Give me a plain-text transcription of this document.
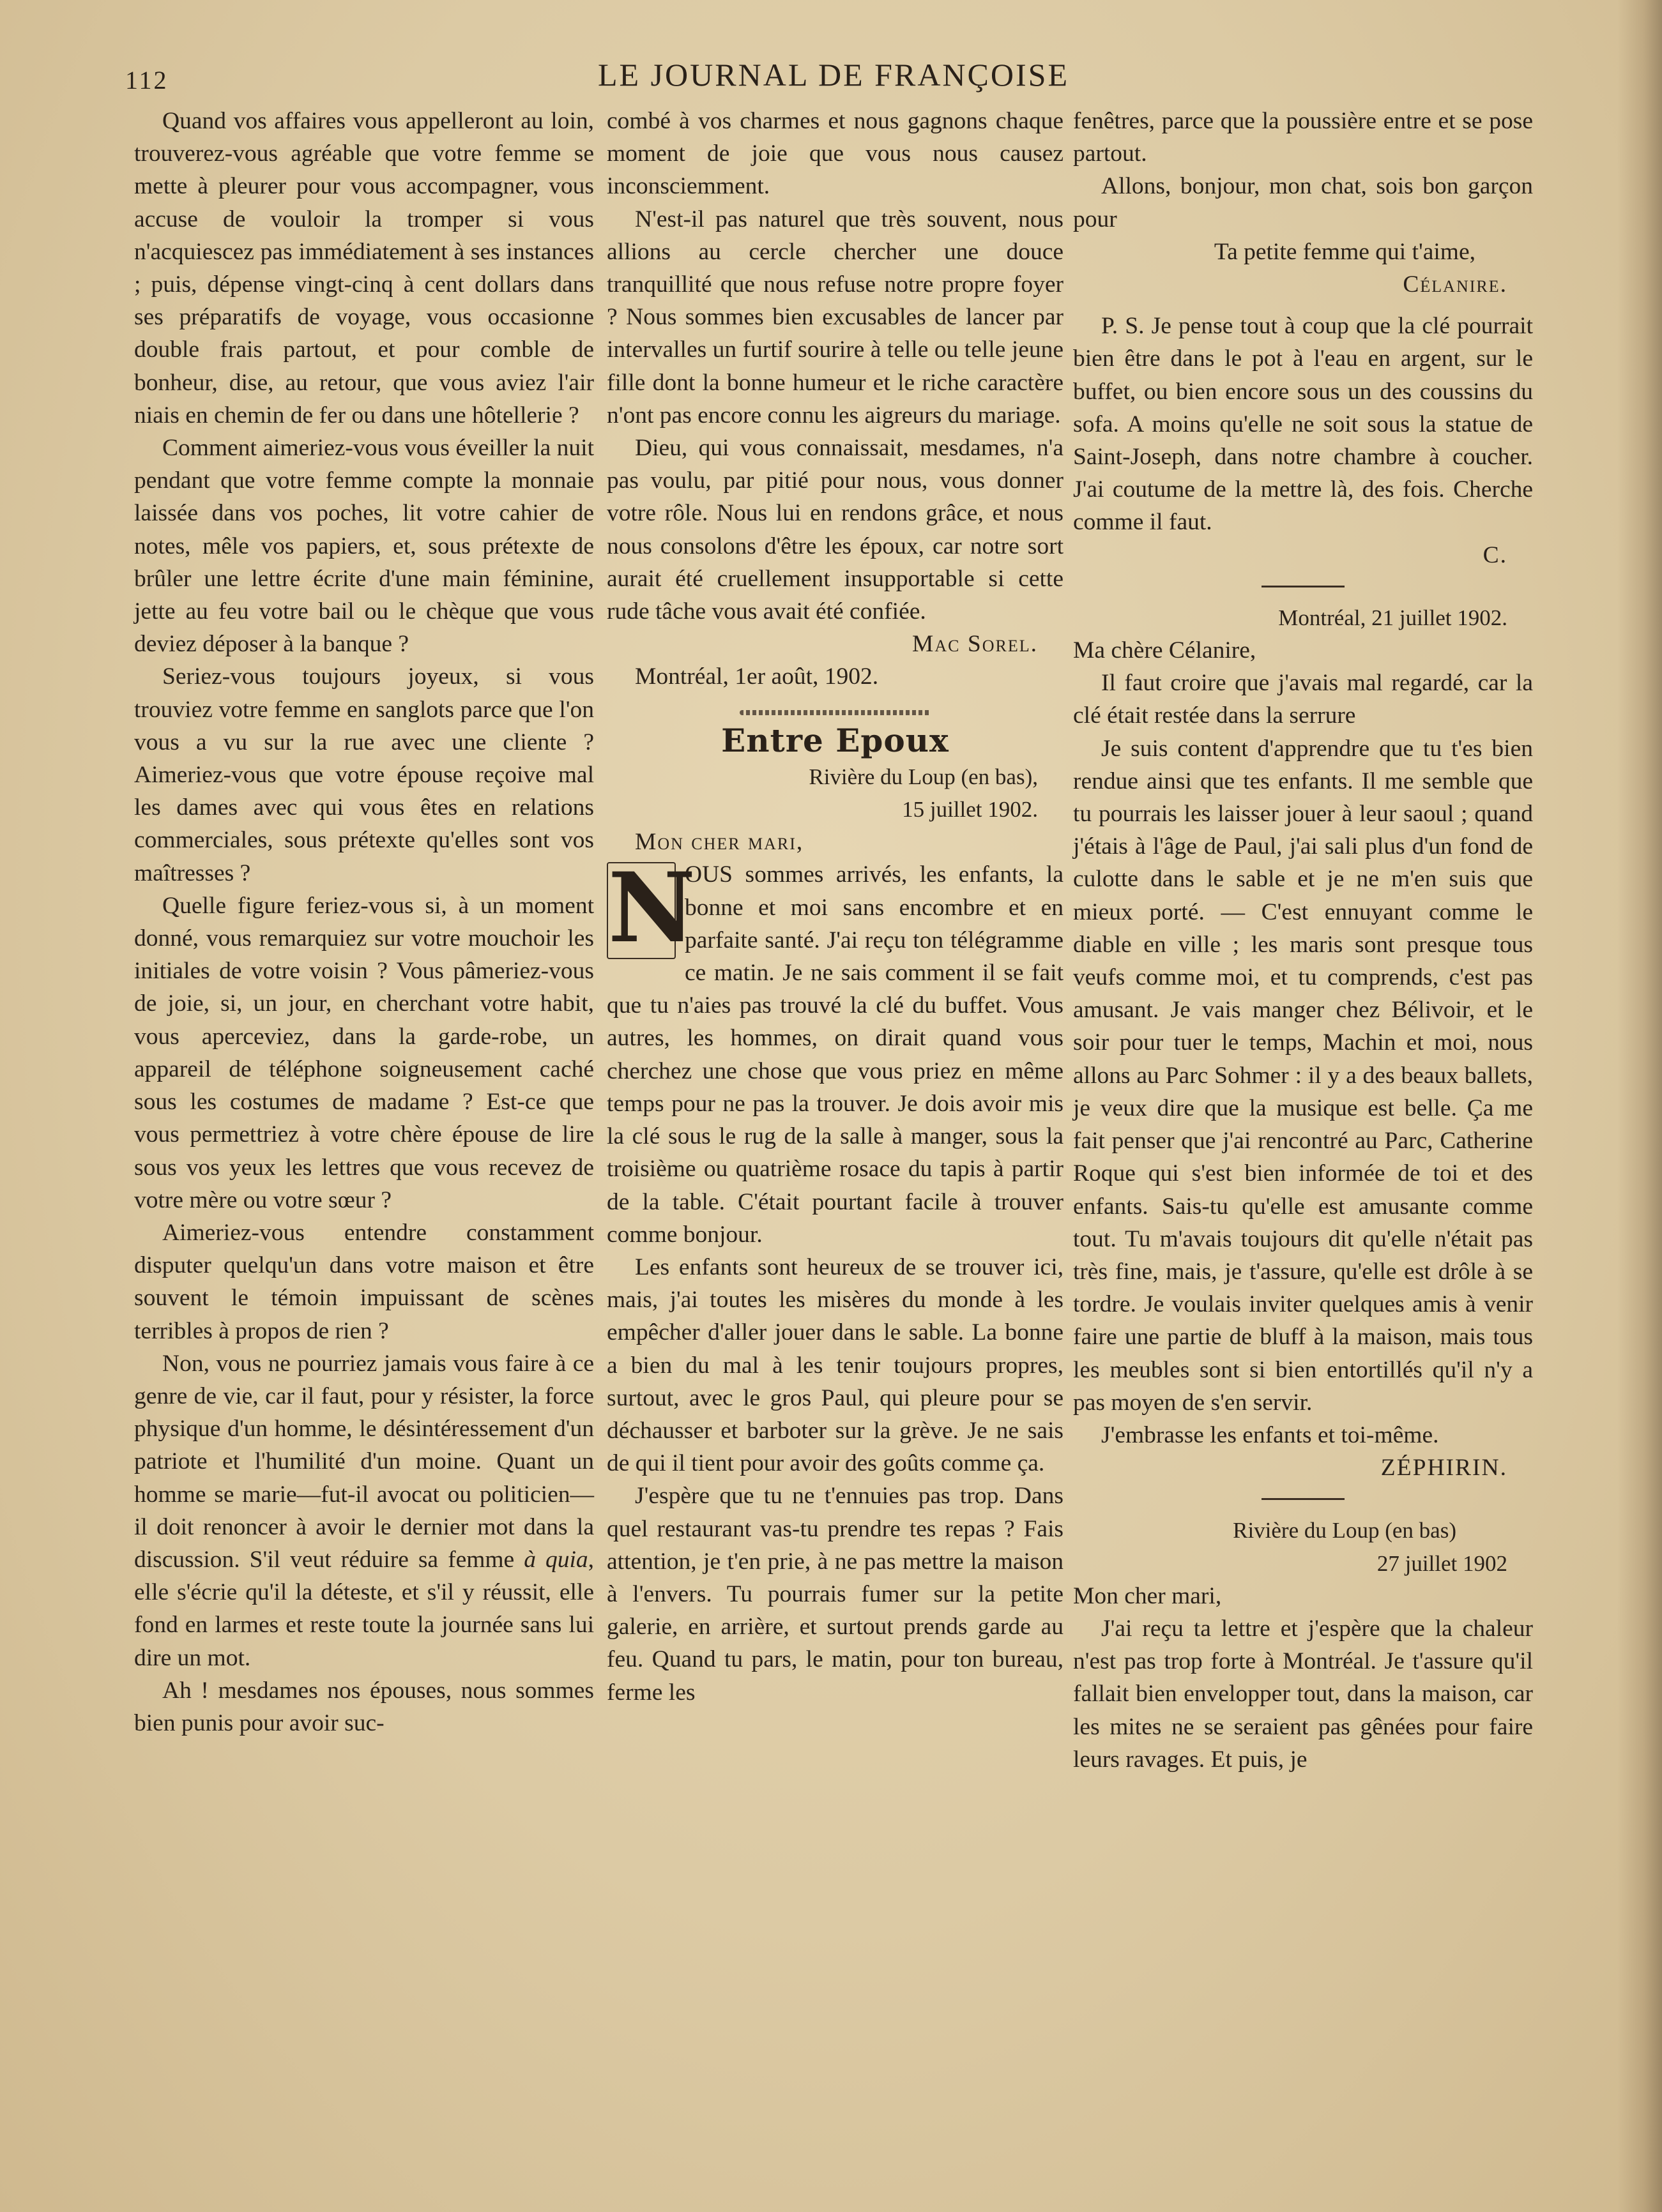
112	LE JOURNAL DE FRANÇOISE

Quand vos affaires vous appelleront au loin, trouverez-vous agréable que votre femme se mette à pleurer pour vous accompagner, vous accuse de vouloir la tromper si vous n'acquiescez pas immédiatement à ses instances ; puis, dépense vingt-cinq à cent dollars dans ses préparatifs de voyage, vous occasionne double frais partout, et pour comble de bonheur, dise, au retour, que vous aviez l'air niais en chemin de fer ou dans une hôtellerie ?

Comment aimeriez-vous vous éveiller la nuit pendant que votre femme compte la monnaie laissée dans vos poches, lit votre cahier de notes, mêle vos papiers, et, sous prétexte de brûler une lettre écrite d'une main féminine, jette au feu votre bail ou le chèque que vous deviez déposer à la banque ?

Seriez-vous toujours joyeux, si vous trouviez votre femme en sanglots parce que l'on vous a vu sur la rue avec une cliente ? Aimeriez-vous que votre épouse reçoive mal les dames avec qui vous êtes en relations commerciales, sous prétexte qu'elles sont vos maîtresses ?

Quelle figure feriez-vous si, à un moment donné, vous remarquiez sur votre mouchoir les initiales de votre voisin ? Vous pâmeriez-vous de joie, si, un jour, en cherchant votre habit, vous aperceviez, dans la garde-robe, un appareil de téléphone soigneusement caché sous les costumes de madame ? Est-ce que vous permettriez à votre chère épouse de lire sous vos yeux les lettres que vous recevez de votre mère ou votre sœur ?

Aimeriez-vous entendre constamment disputer quelqu'un dans votre maison et être souvent le témoin impuissant de scènes terribles à propos de rien ?

Non, vous ne pourriez jamais vous faire à ce genre de vie, car il faut, pour y résister, la force physique d'un homme, le désintéressement d'un patriote et l'humilité d'un moine. Quant un homme se marie—fut-il avocat ou politicien—il doit renoncer à avoir le dernier mot dans la discussion. S'il veut réduire sa femme à quia, elle s'écrie qu'il la déteste, et s'il y réussit, elle fond en larmes et reste toute la journée sans lui dire un mot.

Ah ! mesdames nos épouses, nous sommes bien punis pour avoir suc-

combé à vos charmes et nous gagnons chaque moment de joie que vous nous causez inconsciemment.

N'est-il pas naturel que très souvent, nous allions au cercle chercher une douce tranquillité que nous refuse notre propre foyer ? Nous sommes bien excusables de lancer par intervalles un furtif sourire à telle ou telle jeune fille dont la bonne humeur et le riche caractère n'ont pas encore connu les aigreurs du mariage.

Dieu, qui vous connaissait, mesdames, n'a pas voulu, par pitié pour nous, vous donner votre rôle. Nous lui en rendons grâce, et nous nous consolons d'être les époux, car notre sort aurait été cruellement insupportable si cette rude tâche vous avait été confiée.

Mac Sorel.

Montréal, 1er août, 1902.

Entre Epoux

Rivière du Loup (en bas),

15 juillet 1902.

Mon cher mari,

N
OUS sommes arrivés, les enfants, la bonne et moi sans encombre et en parfaite santé. J'ai reçu ton télégramme ce matin. Je ne sais comment il se fait que tu n'aies pas trouvé la clé du buffet. Vous autres, les hommes, on dirait quand vous cherchez une chose que vous priez en même temps pour ne pas la trouver. Je dois avoir mis la clé sous le rug de la salle à manger, sous la troisième ou quatrième rosace du tapis à partir de la table. C'était pourtant facile à trouver comme bonjour.

Les enfants sont heureux de se trouver ici, mais, j'ai toutes les misères du monde à les empêcher d'aller jouer dans le sable. La bonne a bien du mal à les tenir toujours propres, surtout, avec le gros Paul, qui pleure pour se déchausser et barboter sur la grève. Je ne sais de qui il tient pour avoir des goûts comme ça.

J'espère que tu ne t'ennuies pas trop. Dans quel restaurant vas-tu prendre tes repas ? Fais attention, je t'en prie, à ne pas mettre la maison à l'envers. Tu pourrais fumer sur la petite galerie, en arrière, et surtout prends garde au feu. Quand tu pars, le matin, pour ton bureau, ferme les

fenêtres, parce que la poussière entre et se pose partout.

Allons, bonjour, mon chat, sois bon garçon pour

Ta petite femme qui t'aime,

Célanire.

P. S. Je pense tout à coup que la clé pourrait bien être dans le pot à l'eau en argent, sur le buffet, ou bien encore sous un des coussins du sofa. A moins qu'elle ne soit sous la statue de Saint-Joseph, dans notre chambre à coucher. J'ai coutume de la mettre là, des fois. Cherche comme il faut.

C.

Montréal, 21 juillet 1902.

Ma chère Célanire,

Il faut croire que j'avais mal regardé, car la clé était restée dans la serrure

Je suis content d'apprendre que tu t'es bien rendue ainsi que tes enfants. Il me semble que tu pourrais les laisser jouer à leur saoul ; quand j'étais à l'âge de Paul, j'ai sali plus d'un fond de culotte dans le sable et je ne m'en suis que mieux porté. — C'est ennuyant comme le diable en ville ; les maris sont presque tous veufs comme moi, et tu comprends, c'est pas amusant. Je vais manger chez Bélivoir, et le soir pour tuer le temps, Machin et moi, nous allons au Parc Sohmer : il y a des beaux ballets, je veux dire que la musique est belle. Ça me fait penser que j'ai rencontré au Parc, Catherine Roque qui s'est bien informée de toi et des enfants. Sais-tu qu'elle est amusante comme tout. Tu m'avais toujours dit qu'elle n'était pas très fine, mais, je t'assure, qu'elle est drôle à se tordre. Je voulais inviter quelques amis à venir faire une partie de bluff à la maison, mais tous les meubles sont si bien entortillés qu'il n'y a pas moyen de s'en servir.

J'embrasse les enfants et toi-même.

ZÉPHIRIN.

Rivière du Loup (en bas)

27 juillet 1902

Mon cher mari,

J'ai reçu ta lettre et j'espère que la chaleur n'est pas trop forte à Montréal. Je t'assure qu'il fallait bien envelopper tout, dans la maison, car les mites ne se seraient pas gênées pour faire leurs ravages. Et puis, je
